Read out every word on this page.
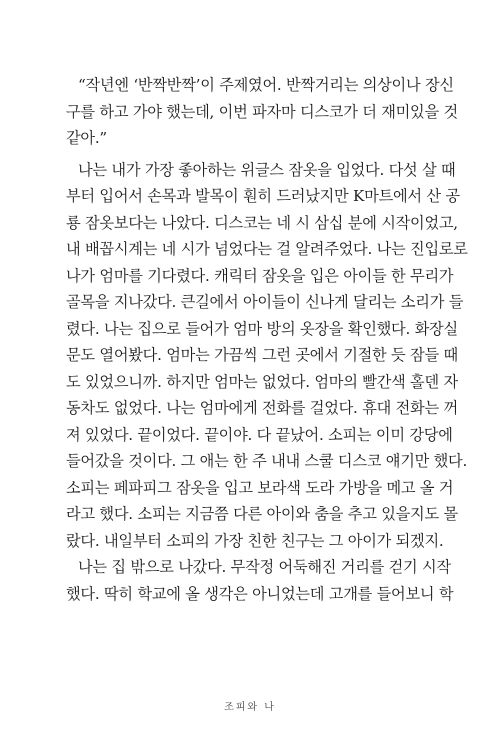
“작년엔 ‘반짝반짝’이 주제였어. 반짝거리는 의상이나 장신
구를 하고 가야 했는데, 이번 파자마 디스코가 더 재미있을 것
같아.”
나는 내가 가장 좋아하는 위글스 잠옷을 입었다. 다섯 살 때
부터 입어서 손목과 발목이 훤히 드러났지만 K마트에서 산 공
룡 잠옷보다는 나았다. 디스코는 네 시 삼십 분에 시작이었고,
내 배꼽시계는 네 시가 넘었다는 걸 알려주었다. 나는 진입로로
나가 엄마를 기다렸다. 캐릭터 잠옷을 입은 아이들 한 무리가
골목을 지나갔다. 큰길에서 아이들이 신나게 달리는 소리가 들
렸다. 나는 집으로 들어가 엄마 방의 옷장을 확인했다. 화장실
문도 열어봤다. 엄마는 가끔씩 그런 곳에서 기절한 듯 잠들 때
도 있었으니까. 하지만 엄마는 없었다. 엄마의 빨간색 홀덴 자
동차도 없었다. 나는 엄마에게 전화를 걸었다. 휴대 전화는 꺼
져 있었다. 끝이었다. 끝이야. 다 끝났어. 소피는 이미 강당에
들어갔을 것이다. 그 애는 한 주 내내 스쿨 디스코 얘기만 했다.
소피는 페파피그 잠옷을 입고 보라색 도라 가방을 메고 올 거
라고 했다. 소피는 지금쯤 다른 아이와 춤을 추고 있을지도 몰
랐다. 내일부터 소피의 가장 친한 친구는 그 아이가 되겠지.
나는 집 밖으로 나갔다. 무작정 어둑해진 거리를 걷기 시작
했다. 딱히 학교에 올 생각은 아니었는데 고개를 들어보니 학
조피와 나
